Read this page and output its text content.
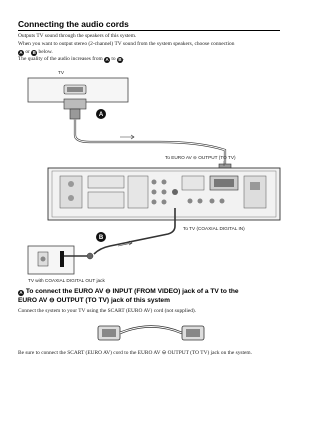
Connecting the audio cords
Outputs TV sound through the speakers of this system.
When you want to output stereo (2-channel) TV sound from the system speakers, choose connection
A or B below.
The quality of the audio increases from A to B.
TV
A
To EURO AV ⊖ OUTPUT (TO TV)
To TV (COAXIAL DIGITAL IN)
B
TV with COAXIAL DIGITAL OUT jack
A To connect the EURO AV ⊖ INPUT (FROM VIDEO) jack of a TV to the
EURO AV ⊖ OUTPUT (TO TV) jack of this system
Connect the system to your TV using the SCART (EURO AV) cord (not supplied).
Be sure to connect the SCART (EURO AV) cord to the EURO AV ⊖ OUTPUT (TO TV) jack on the system.
